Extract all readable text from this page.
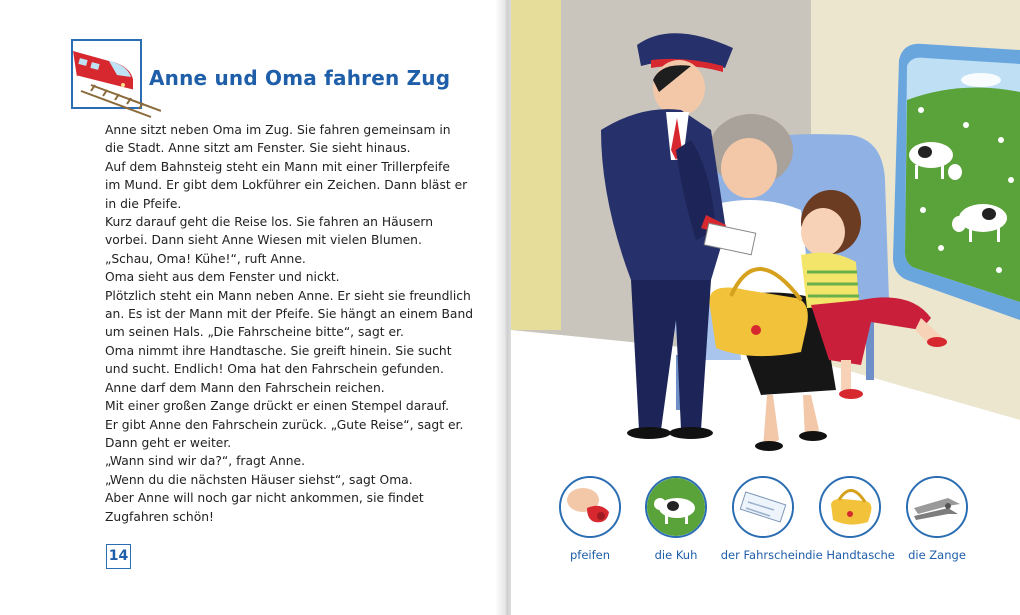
Anne und Oma fahren Zug
Anne sitzt neben Oma im Zug. Sie fahren gemeinsam in
die Stadt. Anne sitzt am Fenster. Sie sieht hinaus.
Auf dem Bahnsteig steht ein Mann mit einer Trillerpfeife
im Mund. Er gibt dem Lokführer ein Zeichen. Dann bläst er
in die Pfeife.
Kurz darauf geht die Reise los. Sie fahren an Häusern
vorbei. Dann sieht Anne Wiesen mit vielen Blumen.
„Schau, Oma! Kühe!“, ruft Anne.
Oma sieht aus dem Fenster und nickt.
Plötzlich steht ein Mann neben Anne. Er sieht sie freundlich
an. Es ist der Mann mit der Pfeife. Sie hängt an einem Band
um seinen Hals. „Die Fahrscheine bitte“, sagt er.
Oma nimmt ihre Handtasche. Sie greift hinein. Sie sucht
und sucht. Endlich! Oma hat den Fahrschein gefunden.
Anne darf dem Mann den Fahrschein reichen.
Mit einer großen Zange drückt er einen Stempel darauf.
Er gibt Anne den Fahrschein zurück. „Gute Reise“, sagt er.
Dann geht er weiter.
„Wann sind wir da?“, fragt Anne.
„Wenn du die nächsten Häuser siehst“, sagt Oma.
Aber Anne will noch gar nicht ankommen, sie findet
Zugfahren schön!
14	pfeifen	die Kuh	der Fahrschein die Handtasche	die Zange
